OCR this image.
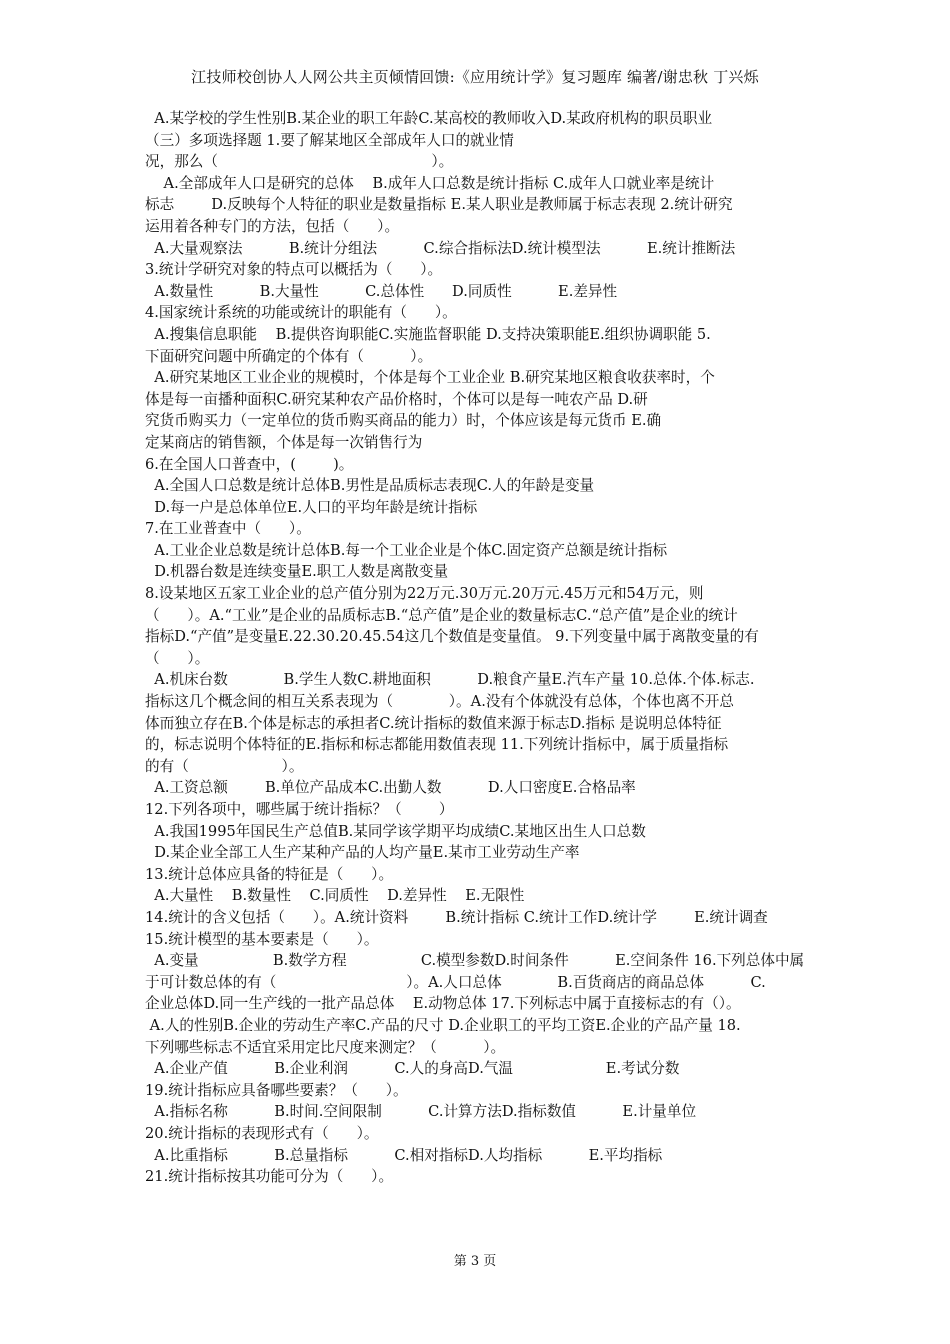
江技师校创协人人网公共主页倾情回馈:《应用统计学》复习题库 编著/谢忠秋 丁兴烁
A.某学校的学生性别B.某企业的职工年龄C.某高校的教师收入D.某政府机构的职员职业
（三）多项选择题 1.要了解某地区全部成年人口的就业情
况，那么（                                              ）。
A.全部成年人口是研究的总体    B.成年人口总数是统计指标 C.成年人口就业率是统计
标志        D.反映每个人特征的职业是数量指标 E.某人职业是教师属于标志表现 2.统计研究
运用着各种专门的方法，包括（      ）。
A.大量观察法          B.统计分组法          C.综合指标法D.统计模型法          E.统计推断法
3.统计学研究对象的特点可以概括为（      ）。
A.数量性          B.大量性          C.总体性      D.同质性          E.差异性
4.国家统计系统的功能或统计的职能有（      ）。
A.搜集信息职能    B.提供咨询职能C.实施监督职能 D.支持决策职能E.组织协调职能 5.
下面研究问题中所确定的个体有（          ）。
A.研究某地区工业企业的规模时，个体是每个工业企业 B.研究某地区粮食收获率时，个
体是每一亩播种面积C.研究某种农产品价格时，个体可以是每一吨农产品 D.研
究货币购买力（一定单位的货币购买商品的能力）时，个体应该是每元货币 E.确
定某商店的销售额，个体是每一次销售行为
6.在全国人口普查中，(        )。
A.全国人口总数是统计总体B.男性是品质标志表现C.人的年龄是变量
D.每一户是总体单位E.人口的平均年龄是统计指标
7.在工业普查中（      ）。
A.工业企业总数是统计总体B.每一个工业企业是个体C.固定资产总额是统计指标
D.机器台数是连续变量E.职工人数是离散变量
8.设某地区五家工业企业的总产值分别为22万元.30万元.20万元.45万元和54万元，则
（      ）。A.“工业”是企业的品质标志B.“总产值”是企业的数量标志C.“总产值”是企业的统计
指标D.“产值”是变量E.22.30.20.45.54这几个数值是变量值。 9.下列变量中属于离散变量的有
（      ）。
A.机床台数            B.学生人数C.耕地面积          D.粮食产量E.汽车产量 10.总体.个体.标志.
指标这几个概念间的相互关系表现为（            ）。A.没有个体就没有总体，个体也离不开总
体而独立存在B.个体是标志的承担者C.统计指标的数值来源于标志D.指标 是说明总体特征
的，标志说明个体特征的E.指标和标志都能用数值表现 11.下列统计指标中，属于质量指标
的有（                    ）。
A.工资总额        B.单位产品成本C.出勤人数          D.人口密度E.合格品率
12.下列各项中，哪些属于统计指标？（        ）
A.我国1995年国民生产总值B.某同学该学期平均成绩C.某地区出生人口总数
D.某企业全部工人生产某种产品的人均产量E.某市工业劳动生产率
13.统计总体应具备的特征是（      ）。
A.大量性    B.数量性    C.同质性    D.差异性    E.无限性
14.统计的含义包括（      ）。A.统计资料        B.统计指标 C.统计工作D.统计学        E.统计调查
15.统计模型的基本要素是（      ）。
A.变量                B.数学方程                C.模型参数D.时间条件          E.空间条件 16.下列总体中属
于可计数总体的有（                            ）。A.人口总体            B.百货商店的商品总体          C.
企业总体D.同一生产线的一批产品总体    E.动物总体 17.下列标志中属于直接标志的有（）。
A.人的性别B.企业的劳动生产率C.产品的尺寸 D.企业职工的平均工资E.企业的产品产量 18.
下列哪些标志不适宜采用定比尺度来测定？（          ）。
A.企业产值          B.企业利润          C.人的身高D.气温                    E.考试分数
19.统计指标应具备哪些要素？（      ）。
A.指标名称          B.时间.空间限制          C.计算方法D.指标数值          E.计量单位
20.统计指标的表现形式有（      ）。
A.比重指标          B.总量指标          C.相对指标D.人均指标          E.平均指标
21.统计指标按其功能可分为（      ）。
第 3 页
